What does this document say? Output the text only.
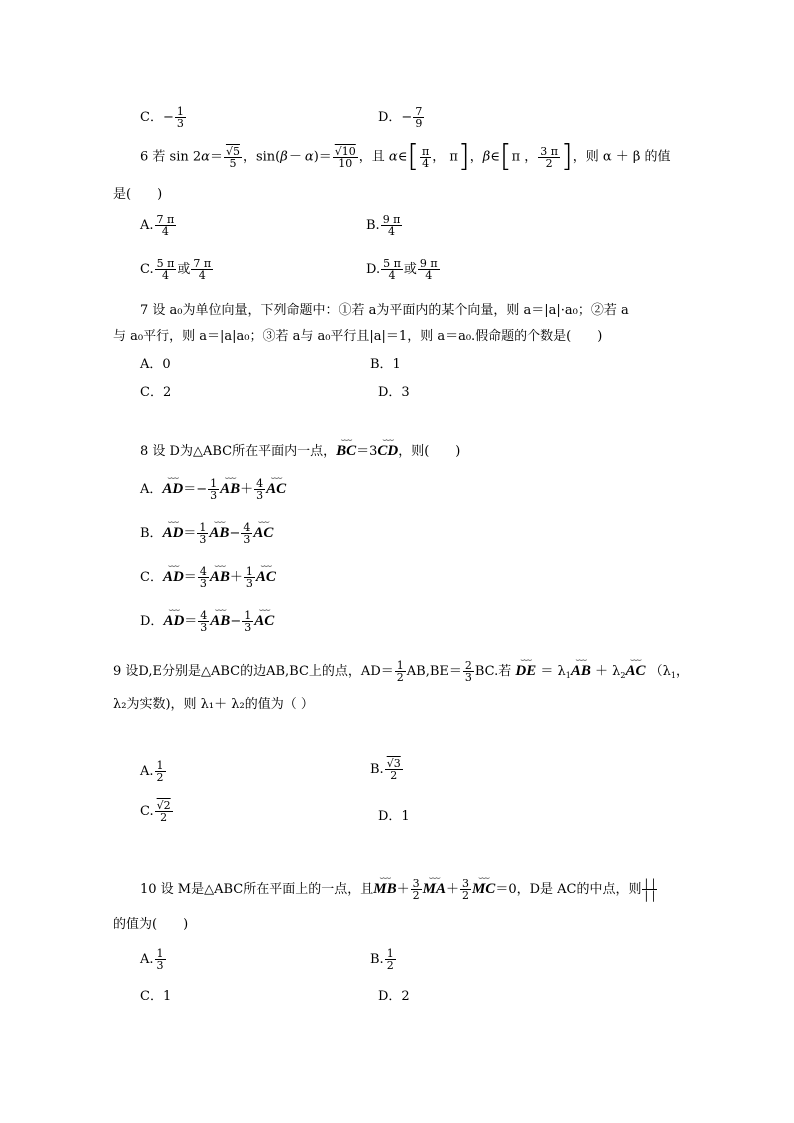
C．− $\frac{1}{3}$	D．− $\frac{7}{9}$
6 若 $\sin 2\alpha= \frac{√5}{5}$ ，$\sin(\beta- \alpha)= \frac{√10}{10}$ ，且 α∈[ $\frac{\pi}{4}$ ， π]，β∈[π ， $\frac{3 \pi}{2}$ ]，则 α ＋ β 的值
是(　　)
A. $\frac{7 \pi}{4}$	B. $\frac{9 \pi}{4}$
C. $\frac{5 \pi}{4}$ 或 $\frac{7 \pi}{4}$	D. $\frac{5 \pi}{4}$ 或 $\frac{9 \pi}{4}$
7 设 a₀为单位向量，下列命题中：①若 a为平面内的某个向量，则 a＝|a|·a₀；②若 a
与 a₀平行，则 a＝|a|a₀；③若 a与 a₀平行且|a|＝1，则 a＝a₀.假命题的个数是(　　)
A．0	B．1
C．2	D．3
8 设 D为△ABC所在平面内一点，⌣⌣⌣ BC＝3⌣⌣⌣ CD，则(　　)
A．⌣⌣⌣ $AD=- \frac{1}{3}$ ⌣⌣⌣ $AB+ \frac{4}{3}$ ⌣⌣⌣ AC
B．⌣⌣⌣ $AD= \frac{1}{3}$ ⌣⌣⌣ $AB- \frac{4}{3}$ ⌣⌣⌣ AC
C．⌣⌣⌣ $AD= \frac{4}{3}$ ⌣⌣⌣ $AB+ \frac{1}{3}$ ⌣⌣⌣ AC
D．⌣⌣⌣ $AD= \frac{4}{3}$ ⌣⌣⌣ $AB- \frac{1}{3}$ ⌣⌣⌣ AC
9 设D,E分别是△ABC的边AB,BC上的点，$AD= \frac{1}{2} AB,BE= \frac{2}{3}$ BC.若 ⌣⌣⌣ DE ＝ $\lambda_1⌣⌣⌣$ AB ＋ $\lambda_2⌣⌣⌣$ AC （$\lambda_1$，
λ₂为实数)，则 λ₁＋ λ₂的值为（ ）
A. $\frac{1}{2}$	B. $\frac{√3}{2}$
C. $\frac{√2}{2}$	D．1
10 设 M是△ABC所在平面上的一点，且⌣⌣⌣ $MB+ \frac{3}{2}$ ⌣⌣⌣ $MA+ \frac{3}{2}$ ⌣⌣⌣ MC＝0，D是 AC的中点，则 $\frac{| |}{| |}$
的值为(　　)
A. $\frac{1}{3}$	B. $\frac{1}{2}$
C．1	D．2
